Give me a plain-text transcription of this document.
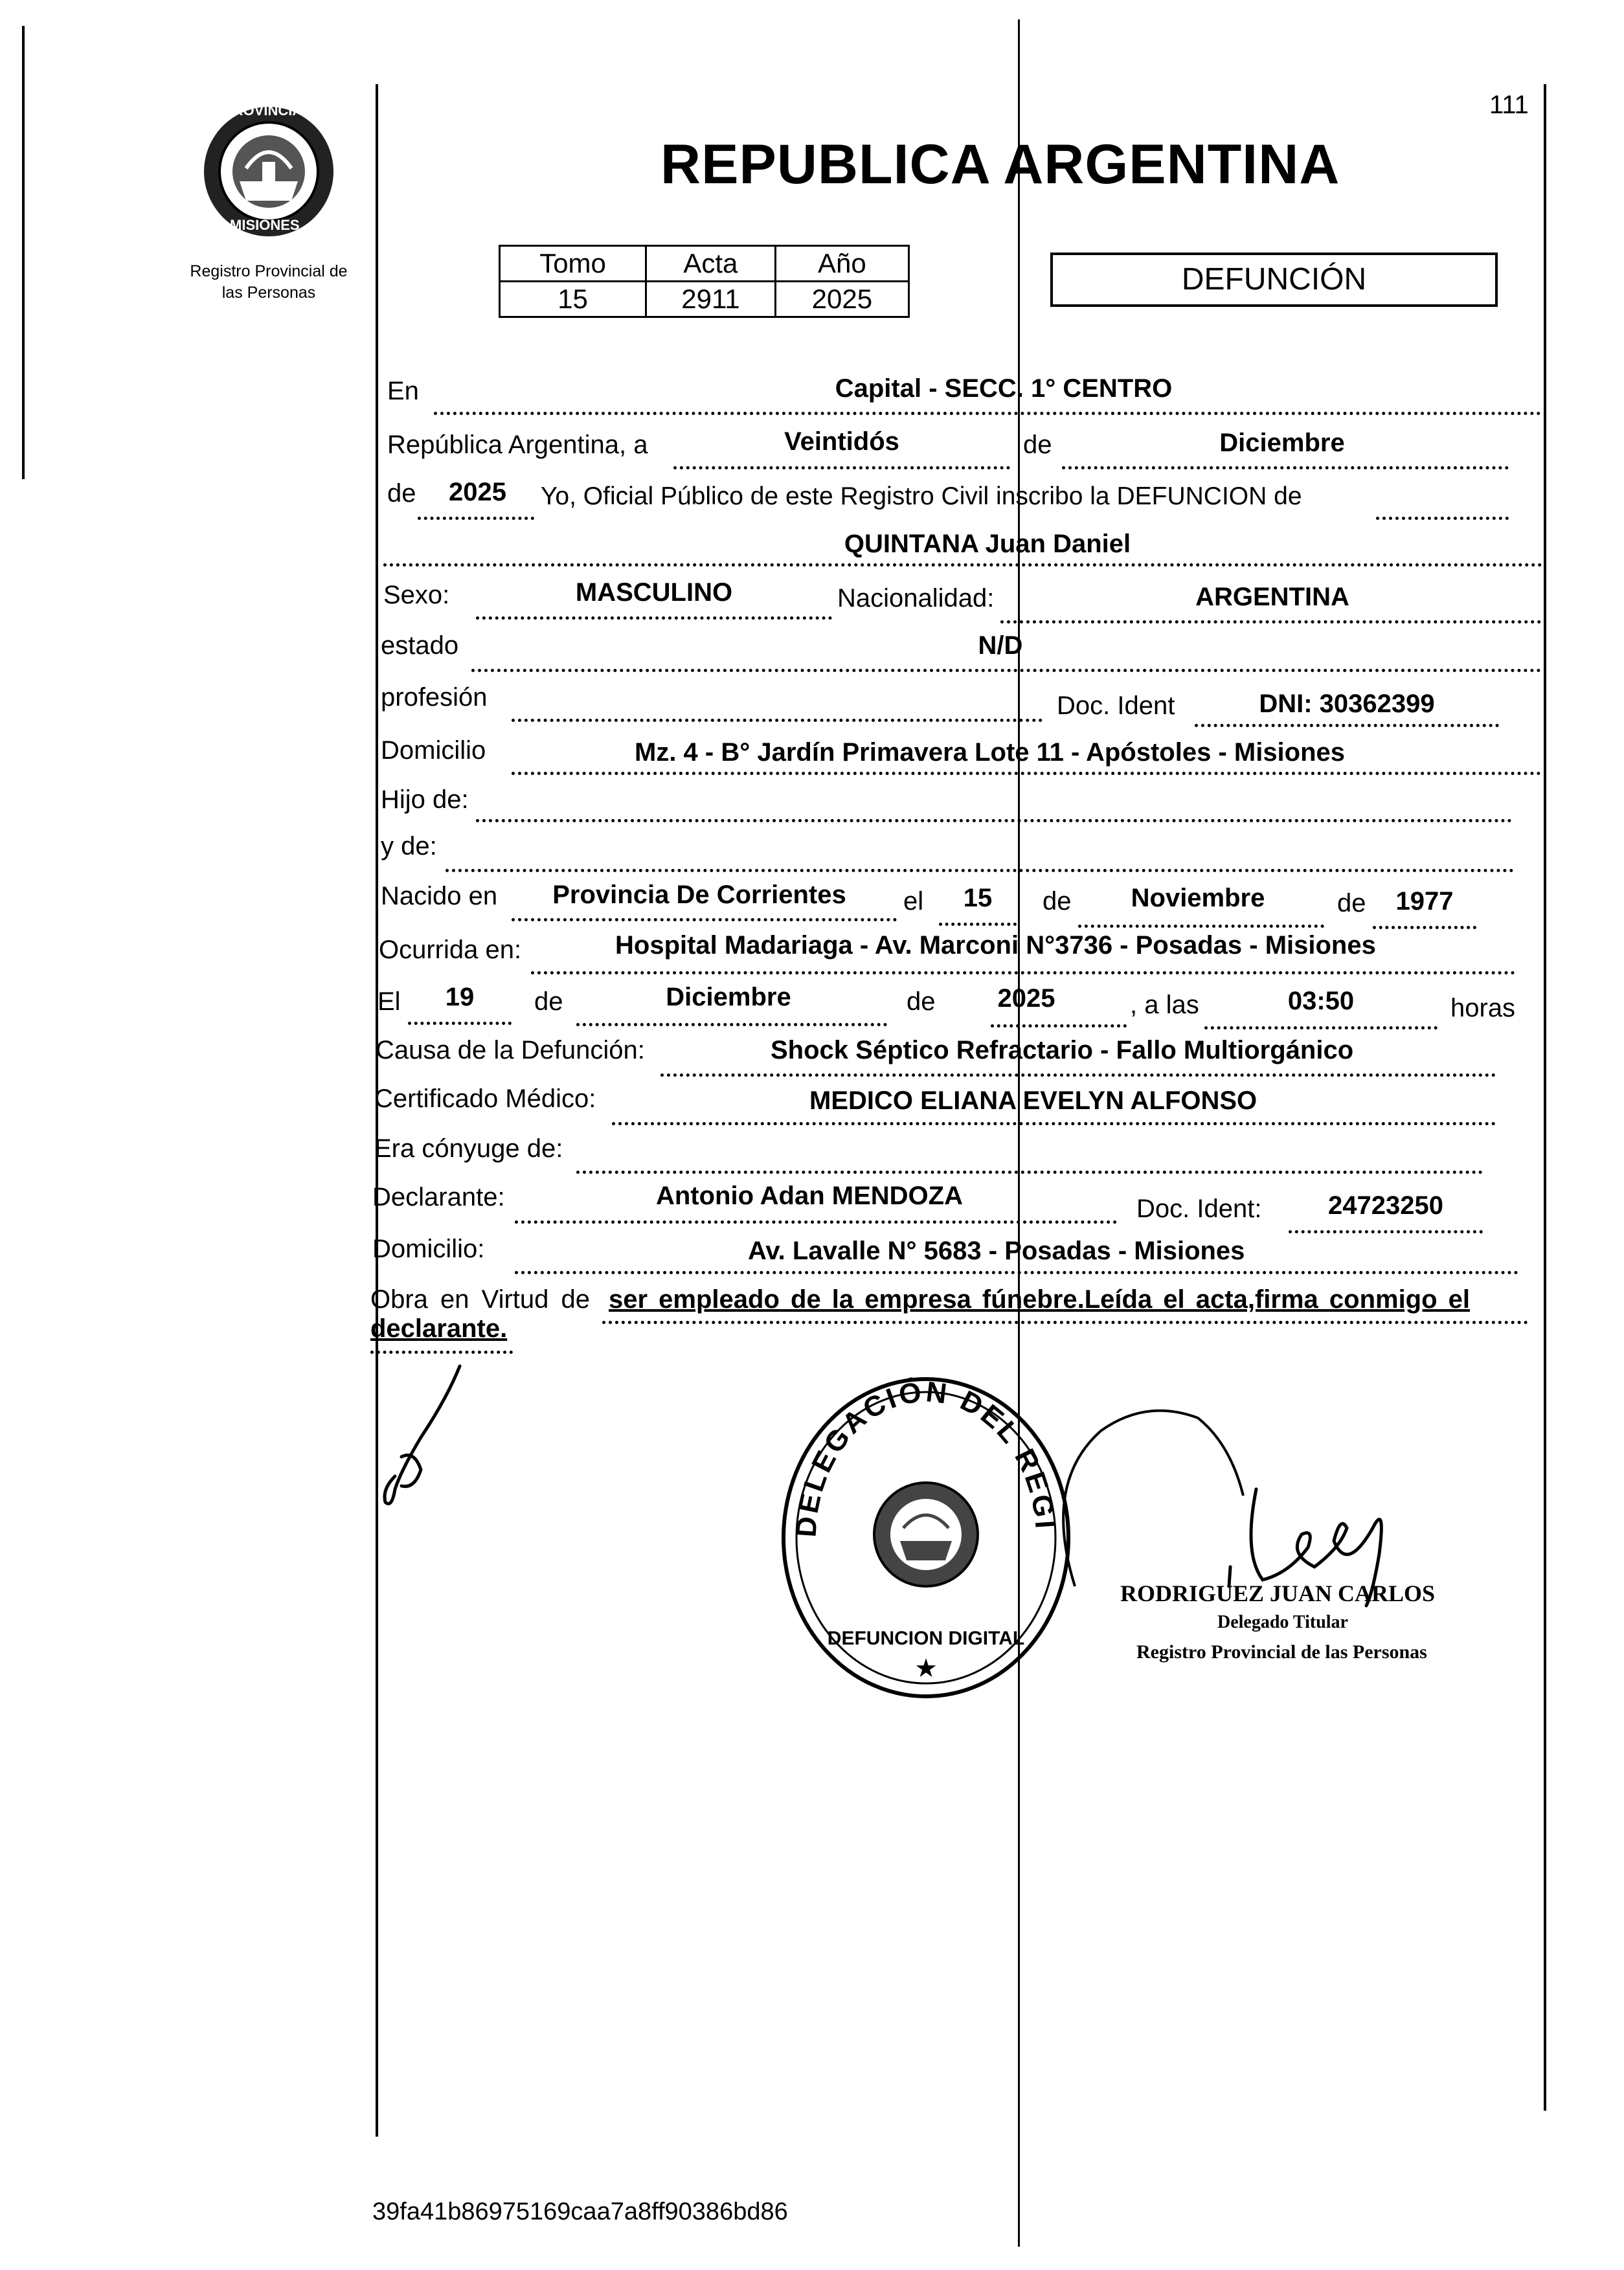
PROVINCIA DE
MISIONES
Registro Provincial de
las Personas
111
REPUBLICA ARGENTINA
Tomo	Acta	Año
15	2911	2025
DEFUNCIÓN
En	Capital - SECC. 1° CENTRO
República Argentina, a	Veintidós	de	Diciembre
de	2025	Yo, Oficial Público de este Registro Civil inscribo la DEFUNCION de
QUINTANA Juan Daniel
Sexo:	MASCULINO	Nacionalidad:	ARGENTINA
estado	N/D
profesión	Doc. Ident	DNI: 30362399
Domicilio	Mz. 4 - B° Jardín Primavera Lote 11 - Apóstoles - Misiones
Hijo de:
y de:
Nacido en	Provincia De Corrientes	el	15	de	Noviembre	de	1977
Ocurrida en:	Hospital Madariaga - Av. Marconi N°3736 - Posadas - Misiones
El	19	de	Diciembre	de 2025	, a las	03:50	horas
Causa de la Defunción:	Shock Séptico Refractario - Fallo Multiorgánico
Certificado Médico:	MEDICO ELIANA EVELYN ALFONSO
Era cónyuge de:
Declarante:	Antonio Adan MENDOZA	Doc. Ident:	24723250
Domicilio:	Av. Lavalle N° 5683 - Posadas - Misiones
Obra en Virtud de ser empleado de la empresa fúnebre.Leída el acta,firma conmigo el
declarante.
DELEGACIÓN DEL REGI
DEFUNCION DIGITAL
★
RODRIGUEZ JUAN CARLOS
Delegado Titular
Registro Provincial de las Personas
39fa41b86975169caa7a8ff90386bd86
